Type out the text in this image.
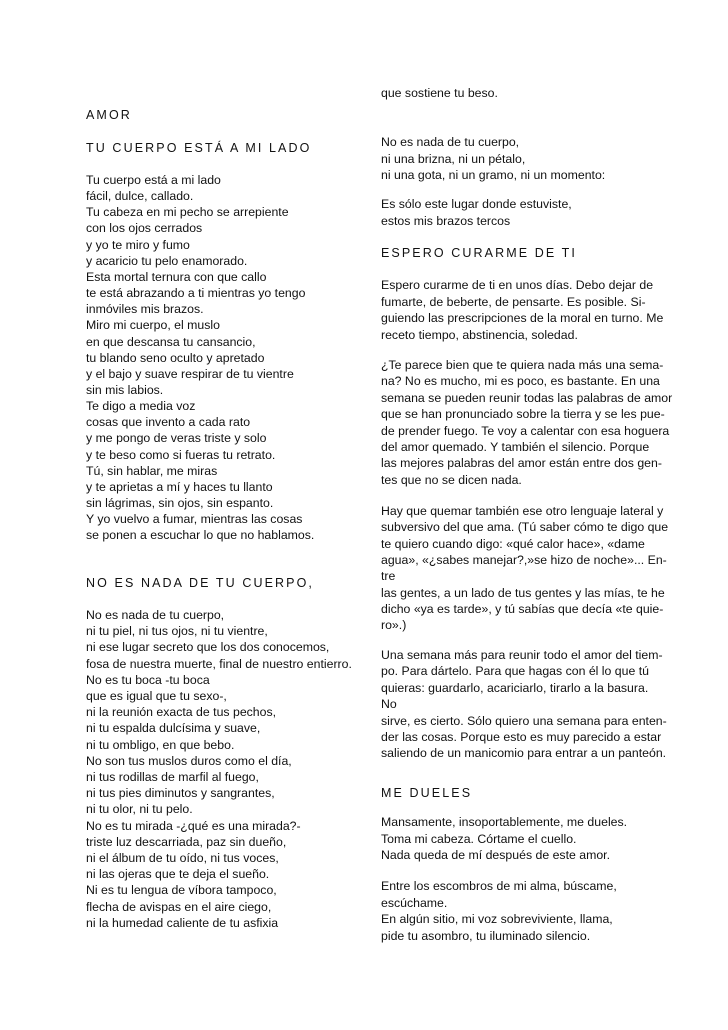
AMOR
TU CUERPO ESTÁ A MI LADO
Tu cuerpo está a mi lado
fácil, dulce, callado.
Tu cabeza en mi pecho se arrepiente
con los ojos cerrados
y yo te miro y fumo
y acaricio tu pelo enamorado.
Esta mortal ternura con que callo
te está abrazando a ti mientras yo tengo
inmóviles mis brazos.
Miro mi cuerpo, el muslo
en que descansa tu cansancio,
tu blando seno oculto y apretado
y el bajo y suave respirar de tu vientre
sin mis labios.
Te digo a media voz
cosas que invento a cada rato
y me pongo de veras triste y solo
y te beso como si fueras tu retrato.
Tú, sin hablar, me miras
y te aprietas a mí y haces tu llanto
sin lágrimas, sin ojos, sin espanto.
Y yo vuelvo a fumar, mientras las cosas
se ponen a escuchar lo que no hablamos.
NO ES NADA DE TU CUERPO,
No es nada de tu cuerpo,
ni tu piel, ni tus ojos, ni tu vientre,
ni ese lugar secreto que los dos conocemos,
fosa de nuestra muerte, final de nuestro entierro.
No es tu boca -tu boca
que es igual que tu sexo-,
ni la reunión exacta de tus pechos,
ni tu espalda dulcísima y suave,
ni tu ombligo, en que bebo.
No son tus muslos duros como el día,
ni tus rodillas de marfil al fuego,
ni tus pies diminutos y sangrantes,
ni tu olor, ni tu pelo.
No es tu mirada -¿qué es una mirada?-
triste luz descarriada, paz sin dueño,
ni el álbum de tu oído, ni tus voces,
ni las ojeras que te deja el sueño.
Ni es tu lengua de víbora tampoco,
flecha de avispas en el aire ciego,
ni la humedad caliente de tu asfixia
que sostiene tu beso.
No es nada de tu cuerpo,
ni una brizna, ni un pétalo,
ni una gota, ni un gramo, ni un momento:
Es sólo este lugar donde estuviste,
estos mis brazos tercos
ESPERO CURARME DE TI
Espero curarme de ti en unos días. Debo dejar de
fumarte, de beberte, de pensarte. Es posible. Si-
guiendo las prescripciones de la moral en turno. Me
receto tiempo, abstinencia, soledad.
¿Te parece bien que te quiera nada más una sema-
na? No es mucho, mi es poco, es bastante. En una
semana se pueden reunir todas las palabras de amor
que se han pronunciado sobre la tierra y se les pue-
de prender fuego. Te voy a calentar con esa hoguera
del amor quemado. Y también el silencio. Porque
las mejores palabras del amor están entre dos gen-
tes que no se dicen nada.
Hay que quemar también ese otro lenguaje lateral y
subversivo del que ama. (Tú saber cómo te digo que
te quiero cuando digo: «qué calor hace», «dame
agua», «¿sabes manejar?,»se hizo de noche»... En-
tre
las gentes, a un lado de tus gentes y las mías, te he
dicho «ya es tarde», y tú sabías que decía «te quie-
ro».)
Una semana más para reunir todo el amor del tiem-
po. Para dártelo. Para que hagas con él lo que tú
quieras: guardarlo, acariciarlo, tirarlo a la basura.
No
sirve, es cierto. Sólo quiero una semana para enten-
der las cosas. Porque esto es muy parecido a estar
saliendo de un manicomio para entrar a un panteón.
ME DUELES
Mansamente, insoportablemente, me dueles.
Toma mi cabeza. Córtame el cuello.
Nada queda de mí después de este amor.
Entre los escombros de mi alma, búscame,
escúchame.
En algún sitio, mi voz sobreviviente, llama,
pide tu asombro, tu iluminado silencio.
